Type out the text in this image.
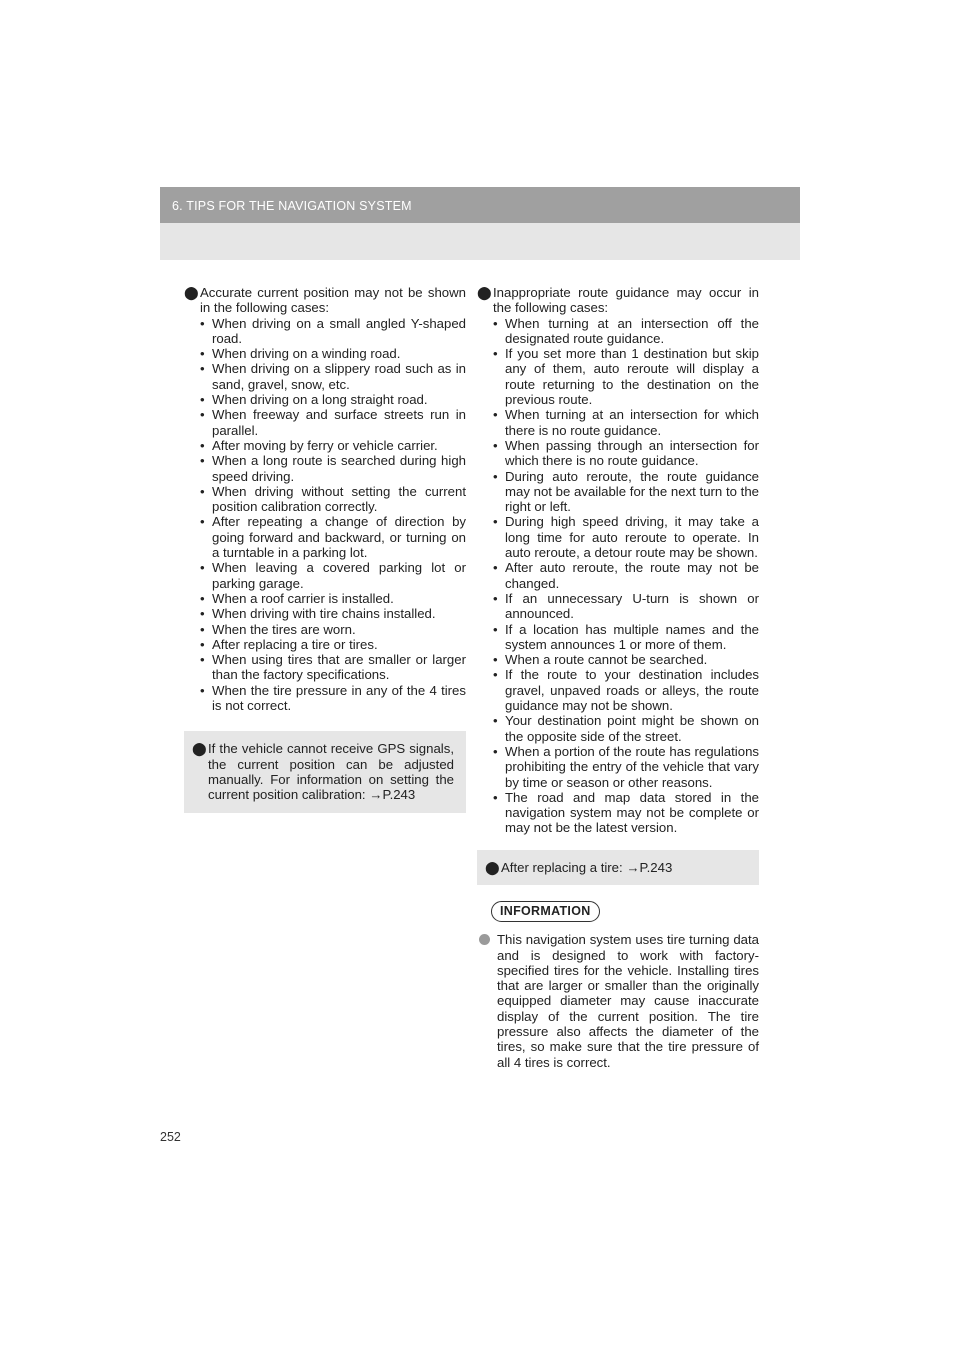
6. TIPS FOR THE NAVIGATION SYSTEM
⬤ Accurate current position may not be shown in the following cases:
• When driving on a small angled Y-shaped road.
• When driving on a winding road.
• When driving on a slippery road such as in sand, gravel, snow, etc.
• When driving on a long straight road.
• When freeway and surface streets run in parallel.
• After moving by ferry or vehicle carrier.
• When a long route is searched during high speed driving.
• When driving without setting the current position calibration correctly.
• After repeating a change of direction by going forward and backward, or turning on a turntable in a parking lot.
• When leaving a covered parking lot or parking garage.
• When a roof carrier is installed.
• When driving with tire chains installed.
• When the tires are worn.
• After replacing a tire or tires.
• When using tires that are smaller or larger than the factory specifications.
• When the tire pressure in any of the 4 tires is not correct.
⬤ If the vehicle cannot receive GPS signals, the current position can be adjusted manually. For information on setting the current position calibration: →P.243
⬤ Inappropriate route guidance may occur in the following cases:
• When turning at an intersection off the designated route guidance.
• If you set more than 1 destination but skip any of them, auto reroute will display a route returning to the destination on the previous route.
• When turning at an intersection for which there is no route guidance.
• When passing through an intersection for which there is no route guidance.
• During auto reroute, the route guidance may not be available for the next turn to the right or left.
• During high speed driving, it may take a long time for auto reroute to operate. In auto reroute, a detour route may be shown.
• After auto reroute, the route may not be changed.
• If an unnecessary U-turn is shown or announced.
• If a location has multiple names and the system announces 1 or more of them.
• When a route cannot be searched.
• If the route to your destination includes gravel, unpaved roads or alleys, the route guidance may not be shown.
• Your destination point might be shown on the opposite side of the street.
• When a portion of the route has regulations prohibiting the entry of the vehicle that vary by time or season or other reasons.
• The road and map data stored in the navigation system may not be complete or may not be the latest version.
⬤ After replacing a tire: →P.243
INFORMATION
This navigation system uses tire turning data and is designed to work with factory-specified tires for the vehicle. Installing tires that are larger or smaller than the originally equipped diameter may cause inaccurate display of the current position. The tire pressure also affects the diameter of the tires, so make sure that the tire pressure of all 4 tires is correct.
252
